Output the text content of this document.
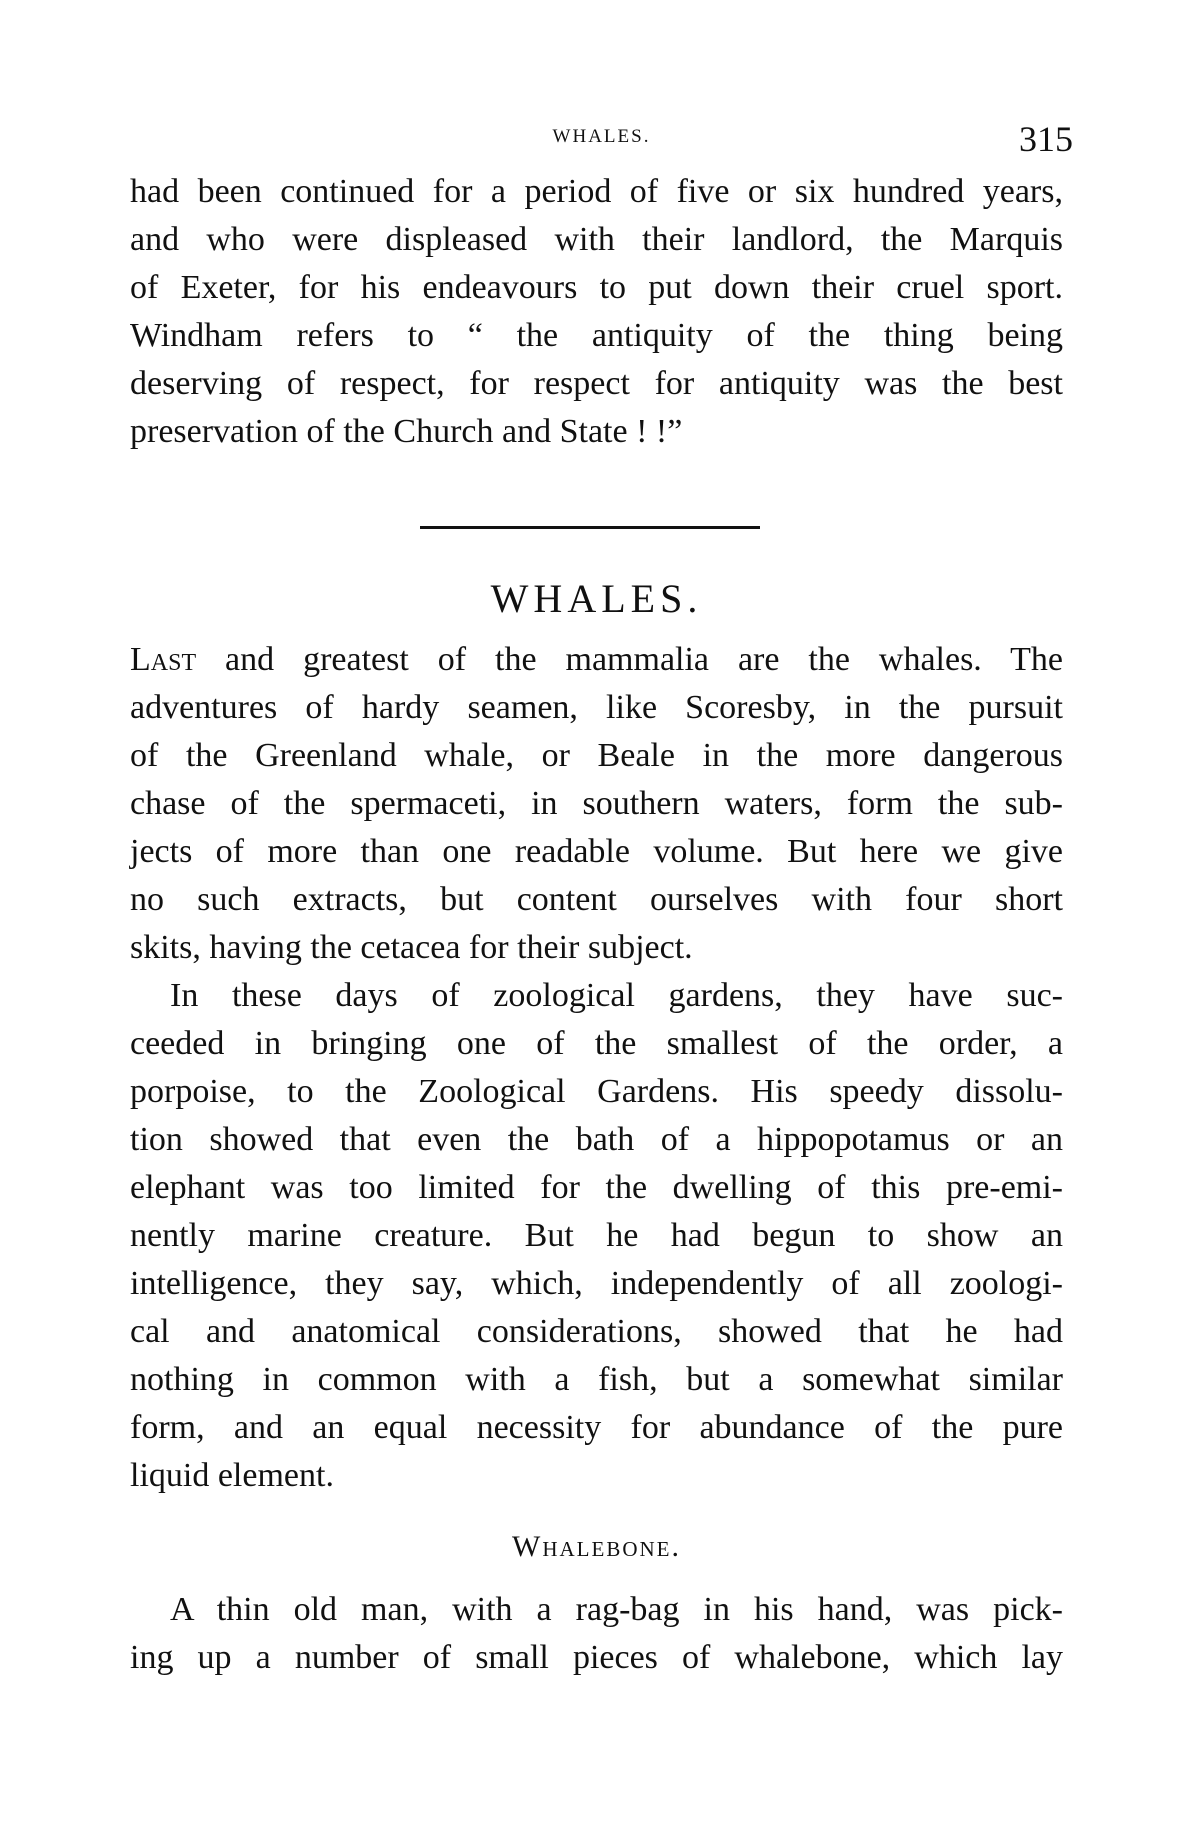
WHALES.	315
had been continued for a period of five or six hundred years,
and who were displeased with their landlord, the Marquis
of Exeter, for his endeavours to put down their cruel sport.
Windham refers to “ the antiquity of the thing being
deserving of respect, for respect for antiquity was the best
preservation of the Church and State ! !”
WHALES.
Last and greatest of the mammalia are the whales. The
adventures of hardy seamen, like Scoresby, in the pursuit
of the Greenland whale, or Beale in the more dangerous
chase of the spermaceti, in southern waters, form the sub-
jects of more than one readable volume. But here we give
no such extracts, but content ourselves with four short
skits, having the cetacea for their subject.
In these days of zoological gardens, they have suc-
ceeded in bringing one of the smallest of the order, a
porpoise, to the Zoological Gardens. His speedy dissolu-
tion showed that even the bath of a hippopotamus or an
elephant was too limited for the dwelling of this pre-emi-
nently marine creature. But he had begun to show an
intelligence, they say, which, independently of all zoologi-
cal and anatomical considerations, showed that he had
nothing in common with a fish, but a somewhat similar
form, and an equal necessity for abundance of the pure
liquid element.
Whalebone.
A thin old man, with a rag-bag in his hand, was pick-
ing up a number of small pieces of whalebone, which lay
